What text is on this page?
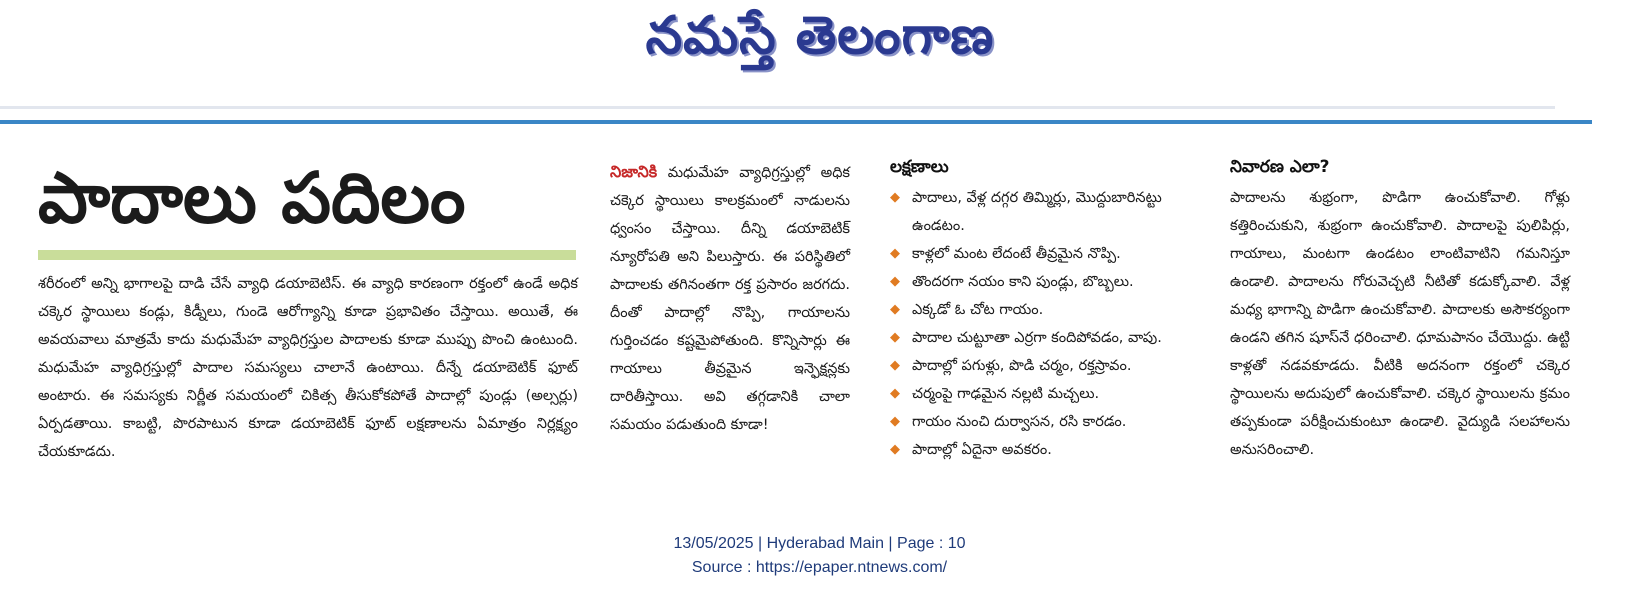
నమస్తే తెలంగాణ
పాదాలు పదిలం

శరీరంలో అన్ని భాగాలపై దాడి చేసే వ్యాధి డయాబెటిస్. ఈ వ్యాధి కారణంగా రక్తంలో ఉండే అధిక చక్కెర స్థాయిలు కండ్లు, కిడ్నీలు, గుండె ఆరోగ్యాన్ని కూడా ప్రభావితం చేస్తాయి. అయితే, ఈ అవయవాలు మాత్రమే కాదు మధుమేహ వ్యాధిగ్రస్తుల పాదాలకు కూడా ముప్పు పొంచి ఉంటుంది. మధుమేహ వ్యాధిగ్రస్తుల్లో పాదాల సమస్యలు చాలానే ఉంటాయి. దీన్నే డయాబెటిక్ ఫూట్ అంటారు. ఈ సమస్యకు నిర్ణీత సమయంలో చికిత్స తీసుకోకపోతే పాదాల్లో పుండ్లు (అల్సర్లు) ఏర్పడతాయి. కాబట్టి, పొరపాటున కూడా డయాబెటిక్ ఫూట్ లక్షణాలను ఏమాత్రం నిర్లక్ష్యం చేయకూడదు.

నిజానికి మధుమేహ వ్యాధిగ్రస్తుల్లో అధిక చక్కెర స్థాయిలు కాలక్రమంలో నాడులను ధ్వంసం చేస్తాయి. దీన్ని డయాబెటిక్ న్యూరోపతి అని పిలుస్తారు. ఈ పరిస్థితిలో పాదాలకు తగినంతగా రక్త ప్రసారం జరగదు. దీంతో పాదాల్లో నొప్పి, గాయాలను గుర్తించడం కష్టమైపోతుంది. కొన్నిసార్లు ఈ గాయాలు తీవ్రమైన ఇన్ఫెక్షన్లకు దారితీస్తాయి. అవి తగ్గడానికి చాలా సమయం పడుతుంది కూడా!

లక్షణాలు
◆ పాదాలు, వేళ్ల దగ్గర తిమ్మిర్లు, మొద్దుబారినట్టు ఉండటం.
◆ కాళ్లలో మంట లేదంటే తీవ్రమైన నొప్పి.
◆ తొందరగా నయం కాని పుండ్లు, బొబ్బలు.
◆ ఎక్కడో ఓ చోట గాయం.
◆ పాదాల చుట్టూతా ఎర్రగా కందిపోవడం, వాపు.
◆ పాదాల్లో పగుళ్లు, పొడి చర్మం, రక్తస్రావం.
◆ చర్మంపై గాఢమైన నల్లటి మచ్చలు.
◆ గాయం నుంచి దుర్వాసన, రసి కారడం.
◆ పాదాల్లో ఏదైనా అవకరం.
నివారణ ఎలా?

పాదాలను శుభ్రంగా, పొడిగా ఉంచుకోవాలి. గోళ్లు కత్తిరించుకుని, శుభ్రంగా ఉంచుకోవాలి. పాదాలపై పులిపిర్లు, గాయాలు, మంటగా ఉండటం లాంటివాటిని గమనిస్తూ ఉండాలి. పాదాలను గోరువెచ్చటి నీటితో కడుక్కోవాలి. వేళ్ల మధ్య భాగాన్ని పొడిగా ఉంచుకోవాలి. పాదాలకు అసౌకర్యంగా ఉండని తగిన షూస్‌నే ధరించాలి. ధూమపానం చేయొద్దు. ఉట్టి కాళ్లతో నడవకూడదు. వీటికి అదనంగా రక్తంలో చక్కెర స్థాయిలను అదుపులో ఉంచుకోవాలి. చక్కెర స్థాయిలను క్రమం తప్పకుండా పరీక్షించుకుంటూ ఉండాలి. వైద్యుడి సలహాలను అనుసరించాలి.

13/05/2025 | Hyderabad Main | Page : 10
Source : https://epaper.ntnews.com/
